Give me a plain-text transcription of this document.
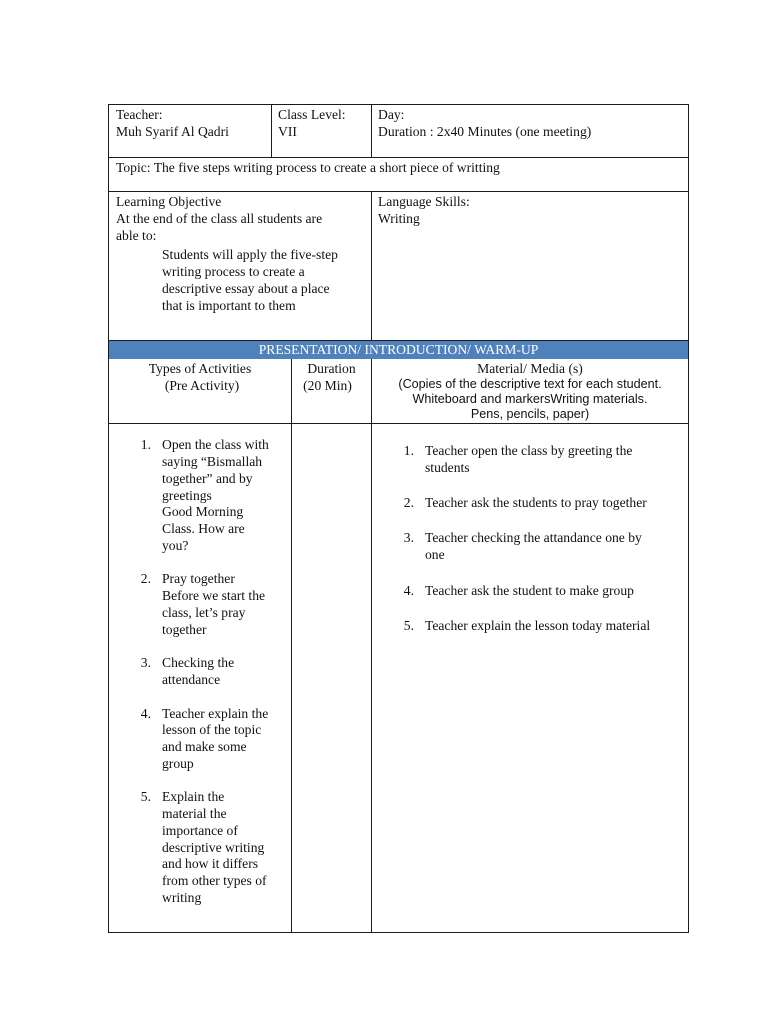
Teacher:
Muh Syarif Al Qadri
Class Level:
VII
Day:
Duration : 2x40 Minutes (one meeting)
Topic: The five steps writing process to create a short piece of writting
Learning Objective
At the end of the class all students are
able to:
Students will apply the five-step
writing process to create a
descriptive essay about a place
that is important to them
Language Skills:
Writing
PRESENTATION/ INTRODUCTION/ WARM-UP
Types of Activities
(Pre Activity)
Duration
(20 Min)
Material/ Media (s)
(Copies of the descriptive text for each student.
Whiteboard and markersWriting materials.
Pens, pencils, paper)
1. Open the class with
saying “Bismallah
together” and by
greetings
Good Morning
Class. How are
you?
2. Pray together
Before we start the
class, let’s pray
together
3. Checking the
attendance
4. Teacher explain the
lesson of the topic
and make some
group
5. Explain the
material the
importance of
descriptive writing
and how it differs
from other types of
writing
1. Teacher open the class by greeting the
students
2. Teacher ask the students to pray together
3. Teacher checking the attandance one by
one
4. Teacher ask the student to make group
5. Teacher explain the lesson today material
